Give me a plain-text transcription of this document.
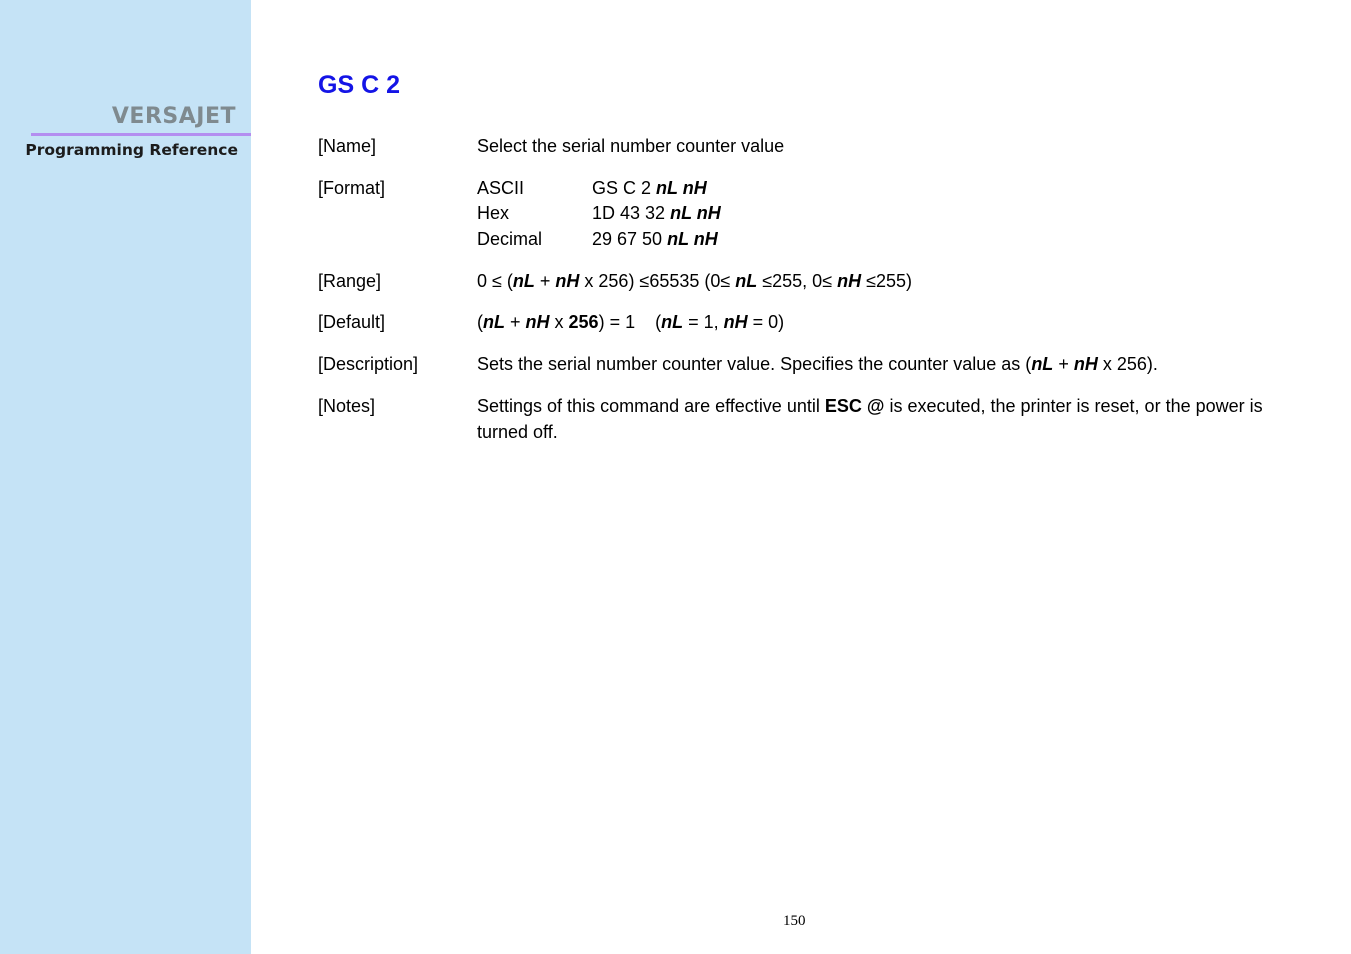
VERSAJET
Programming Reference
GS C 2
[Name]	Select the serial number counter value
[Format]	ASCII	GS C 2 nL nH
Hex	1D 43 32 nL nH
Decimal	29 67 50 nL nH
[Range]	0 ≤ (nL + nH x 256) ≤65535 (0≤ nL ≤255, 0≤ nH ≤255)
[Default]	(nL + nH x 256) = 1 (nL = 1, nH = 0)
[Description]	Sets the serial number counter value. Specifies the counter value as (nL + nH x 256).
[Notes]	Settings of this command are effective until ESC @ is executed, the printer is reset, or the power is turned off.
150
